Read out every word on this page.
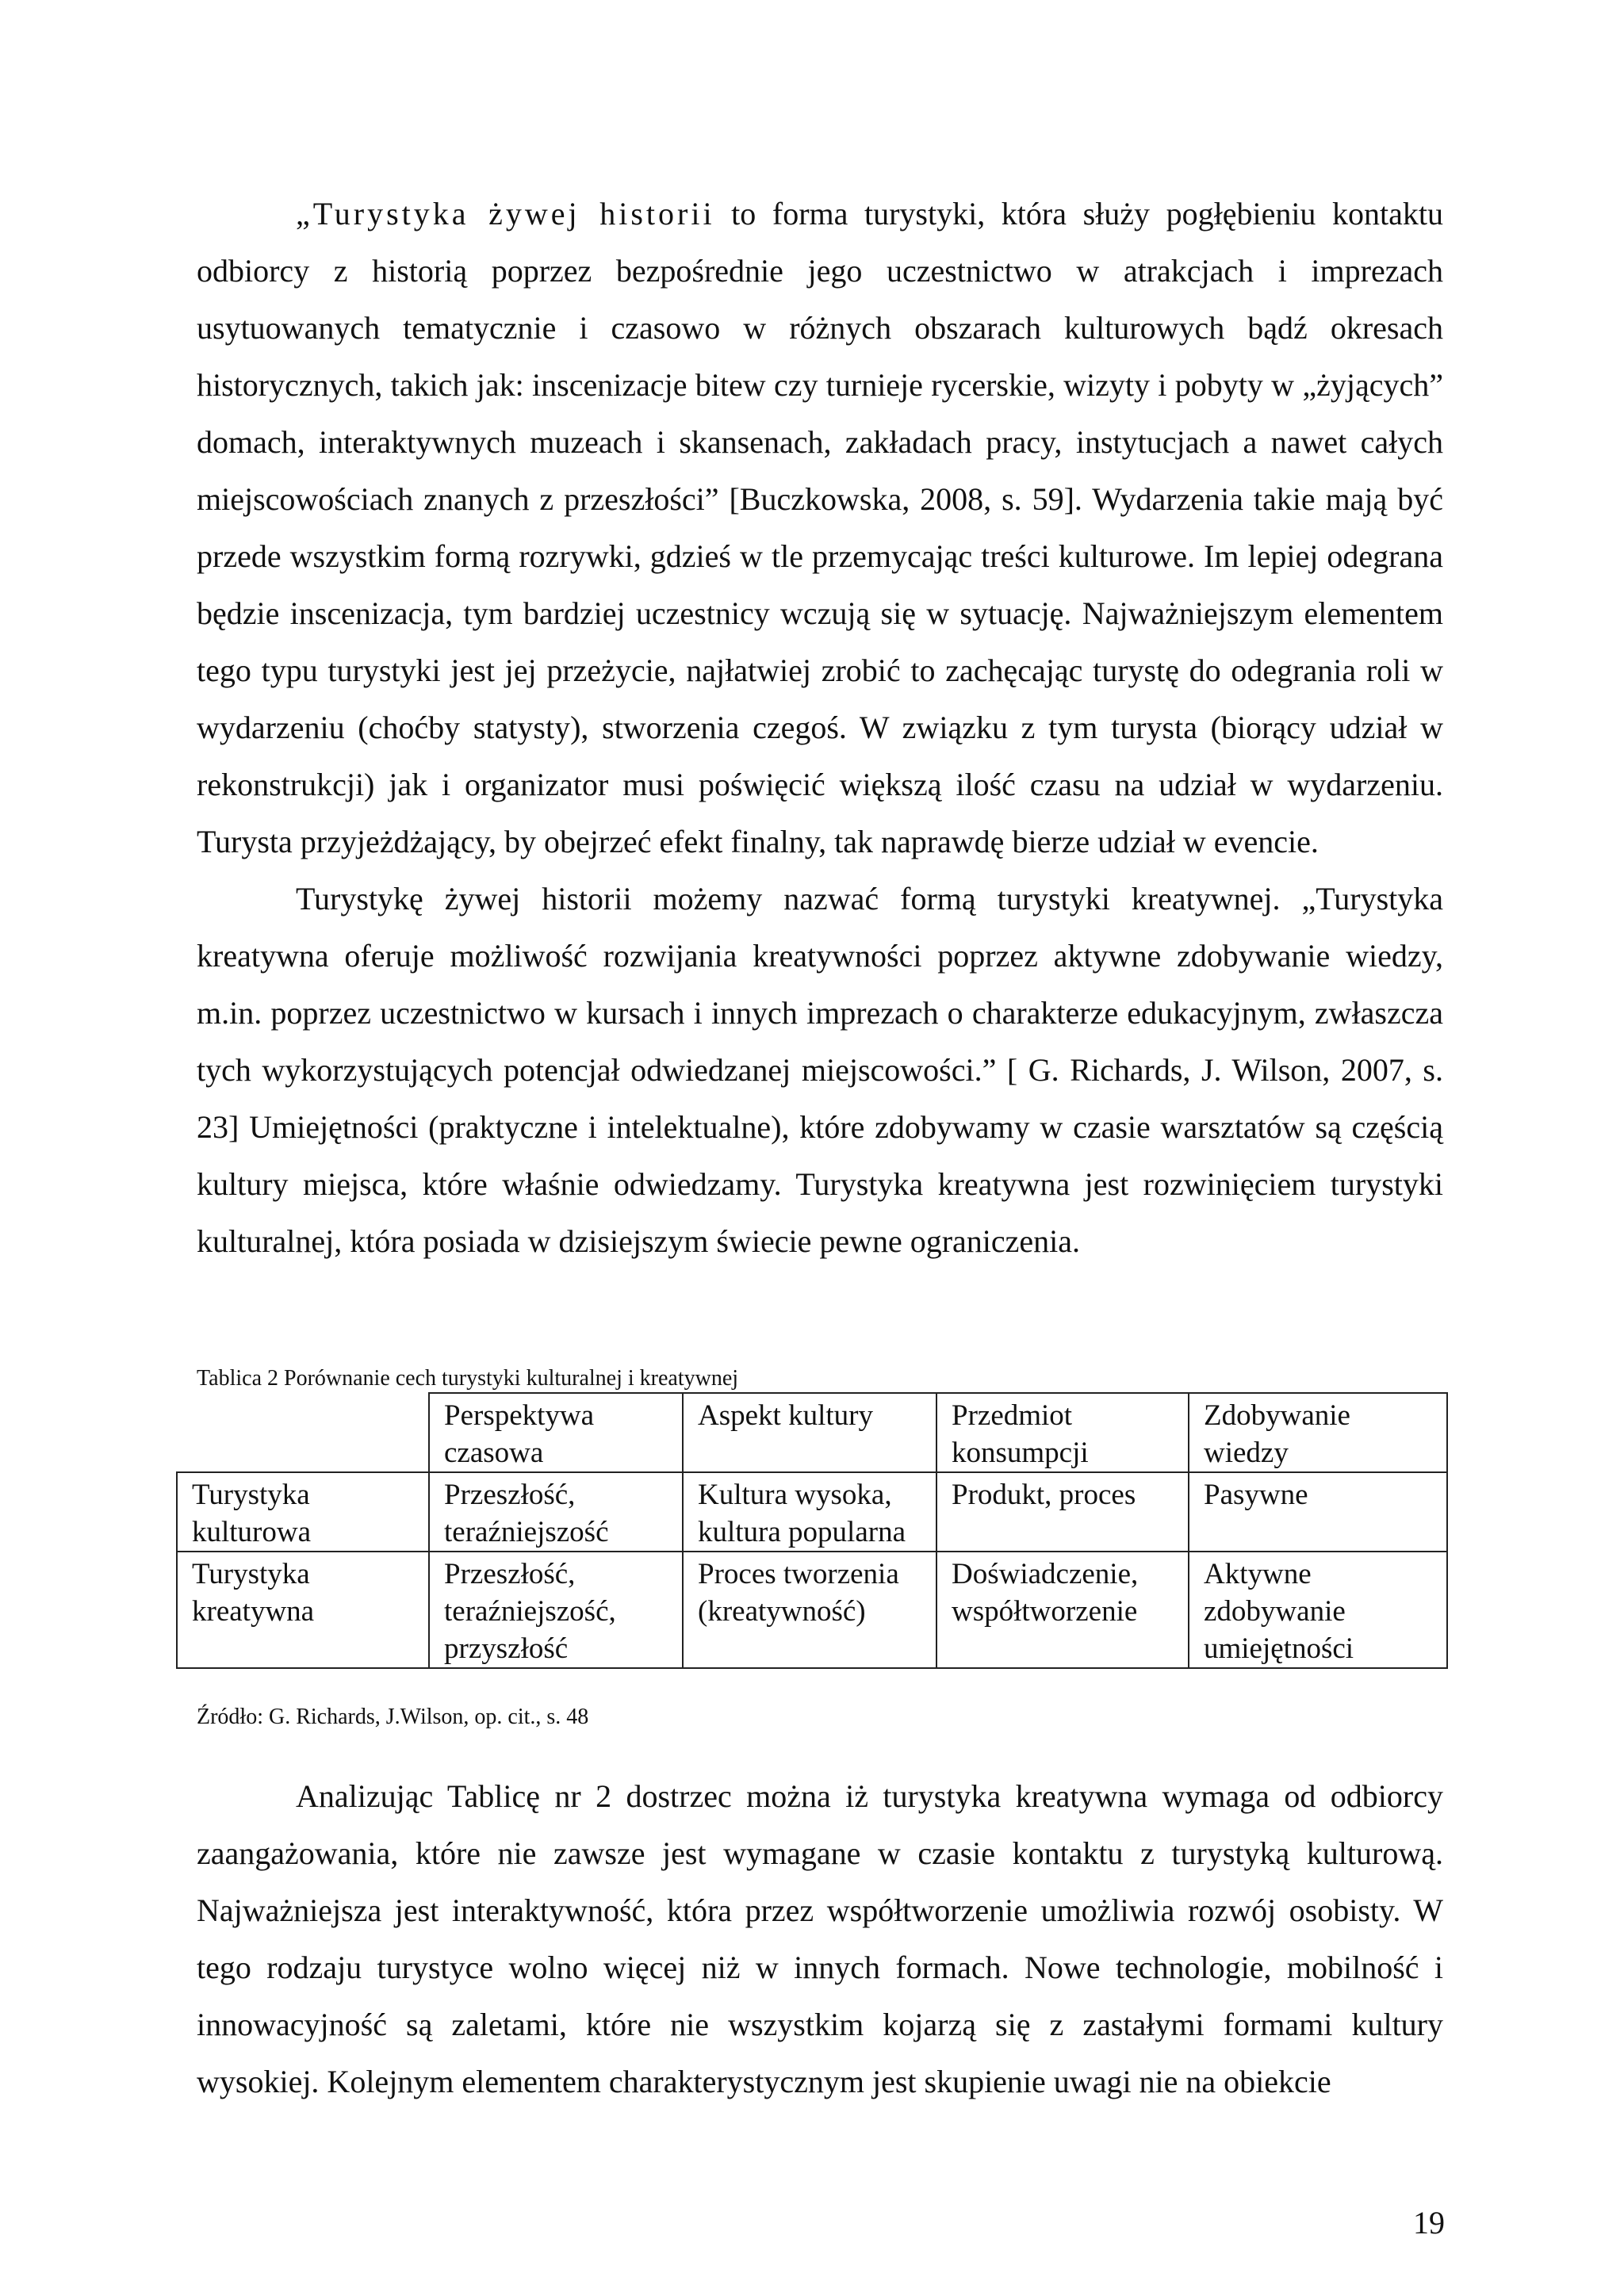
„Turystyka żywej historii to forma turystyki, która służy pogłębieniu kontaktu odbiorcy z historią poprzez bezpośrednie jego uczestnictwo w atrakcjach i imprezach usytuowanych tematycznie i czasowo w różnych obszarach kulturowych bądź okresach historycznych, takich jak: inscenizacje bitew czy turnieje rycerskie, wizyty i pobyty w „żyjących” domach, interaktywnych muzeach i skansenach, zakładach pracy, instytucjach a nawet całych miejscowościach znanych z przeszłości” [Buczkowska, 2008, s. 59]. Wydarzenia takie mają być przede wszystkim formą rozrywki, gdzieś w tle przemycając treści kulturowe. Im lepiej odegrana będzie inscenizacja, tym bardziej uczestnicy wczują się w sytuację. Najważniejszym elementem tego typu turystyki jest jej przeżycie, najłatwiej zrobić to zachęcając turystę do odegrania roli w wydarzeniu (choćby statysty), stworzenia czegoś. W związku z tym turysta (biorący udział w rekonstrukcji) jak i organizator musi poświęcić większą ilość czasu na udział w wydarzeniu. Turysta przyjeżdżający, by obejrzeć efekt finalny, tak naprawdę bierze udział w evencie.

Turystykę żywej historii możemy nazwać formą turystyki kreatywnej. „Turystyka kreatywna oferuje możliwość rozwijania kreatywności poprzez aktywne zdobywanie wiedzy, m.in. poprzez uczestnictwo w kursach i innych imprezach o charakterze edukacyjnym, zwłaszcza tych wykorzystujących potencjał odwiedzanej miejscowości.” [ G. Richards, J. Wilson, 2007, s. 23] Umiejętności (praktyczne i intelektualne), które zdobywamy w czasie warsztatów są częścią kultury miejsca, które właśnie odwiedzamy. Turystyka kreatywna jest rozwinięciem turystyki kulturalnej, która posiada w dzisiejszym świecie pewne ograniczenia.

Tablica 2 Porównanie cech turystyki kulturalnej i kreatywnej

	Perspektywa czasowa	Aspekt kultury	Przedmiot konsumpcji	Zdobywanie wiedzy
Turystyka kulturowa	Przeszłość, teraźniejszość	Kultura wysoka, kultura popularna	Produkt, proces	Pasywne
Turystyka kreatywna	Przeszłość, teraźniejszość, przyszłość	Proces tworzenia (kreatywność)	Doświadczenie, współtworzenie	Aktywne zdobywanie umiejętności

Źródło: G. Richards, J.Wilson, op. cit., s. 48

Analizując Tablicę nr 2 dostrzec można iż turystyka kreatywna wymaga od odbiorcy zaangażowania, które nie zawsze jest wymagane w czasie kontaktu z turystyką kulturową. Najważniejsza jest interaktywność, która przez współtworzenie umożliwia rozwój osobisty. W tego rodzaju turystyce wolno więcej niż w innych formach. Nowe technologie, mobilność i innowacyjność są zaletami, które nie wszystkim kojarzą się z zastałymi formami kultury wysokiej. Kolejnym elementem charakterystycznym jest skupienie uwagi nie na obiekcie

19
